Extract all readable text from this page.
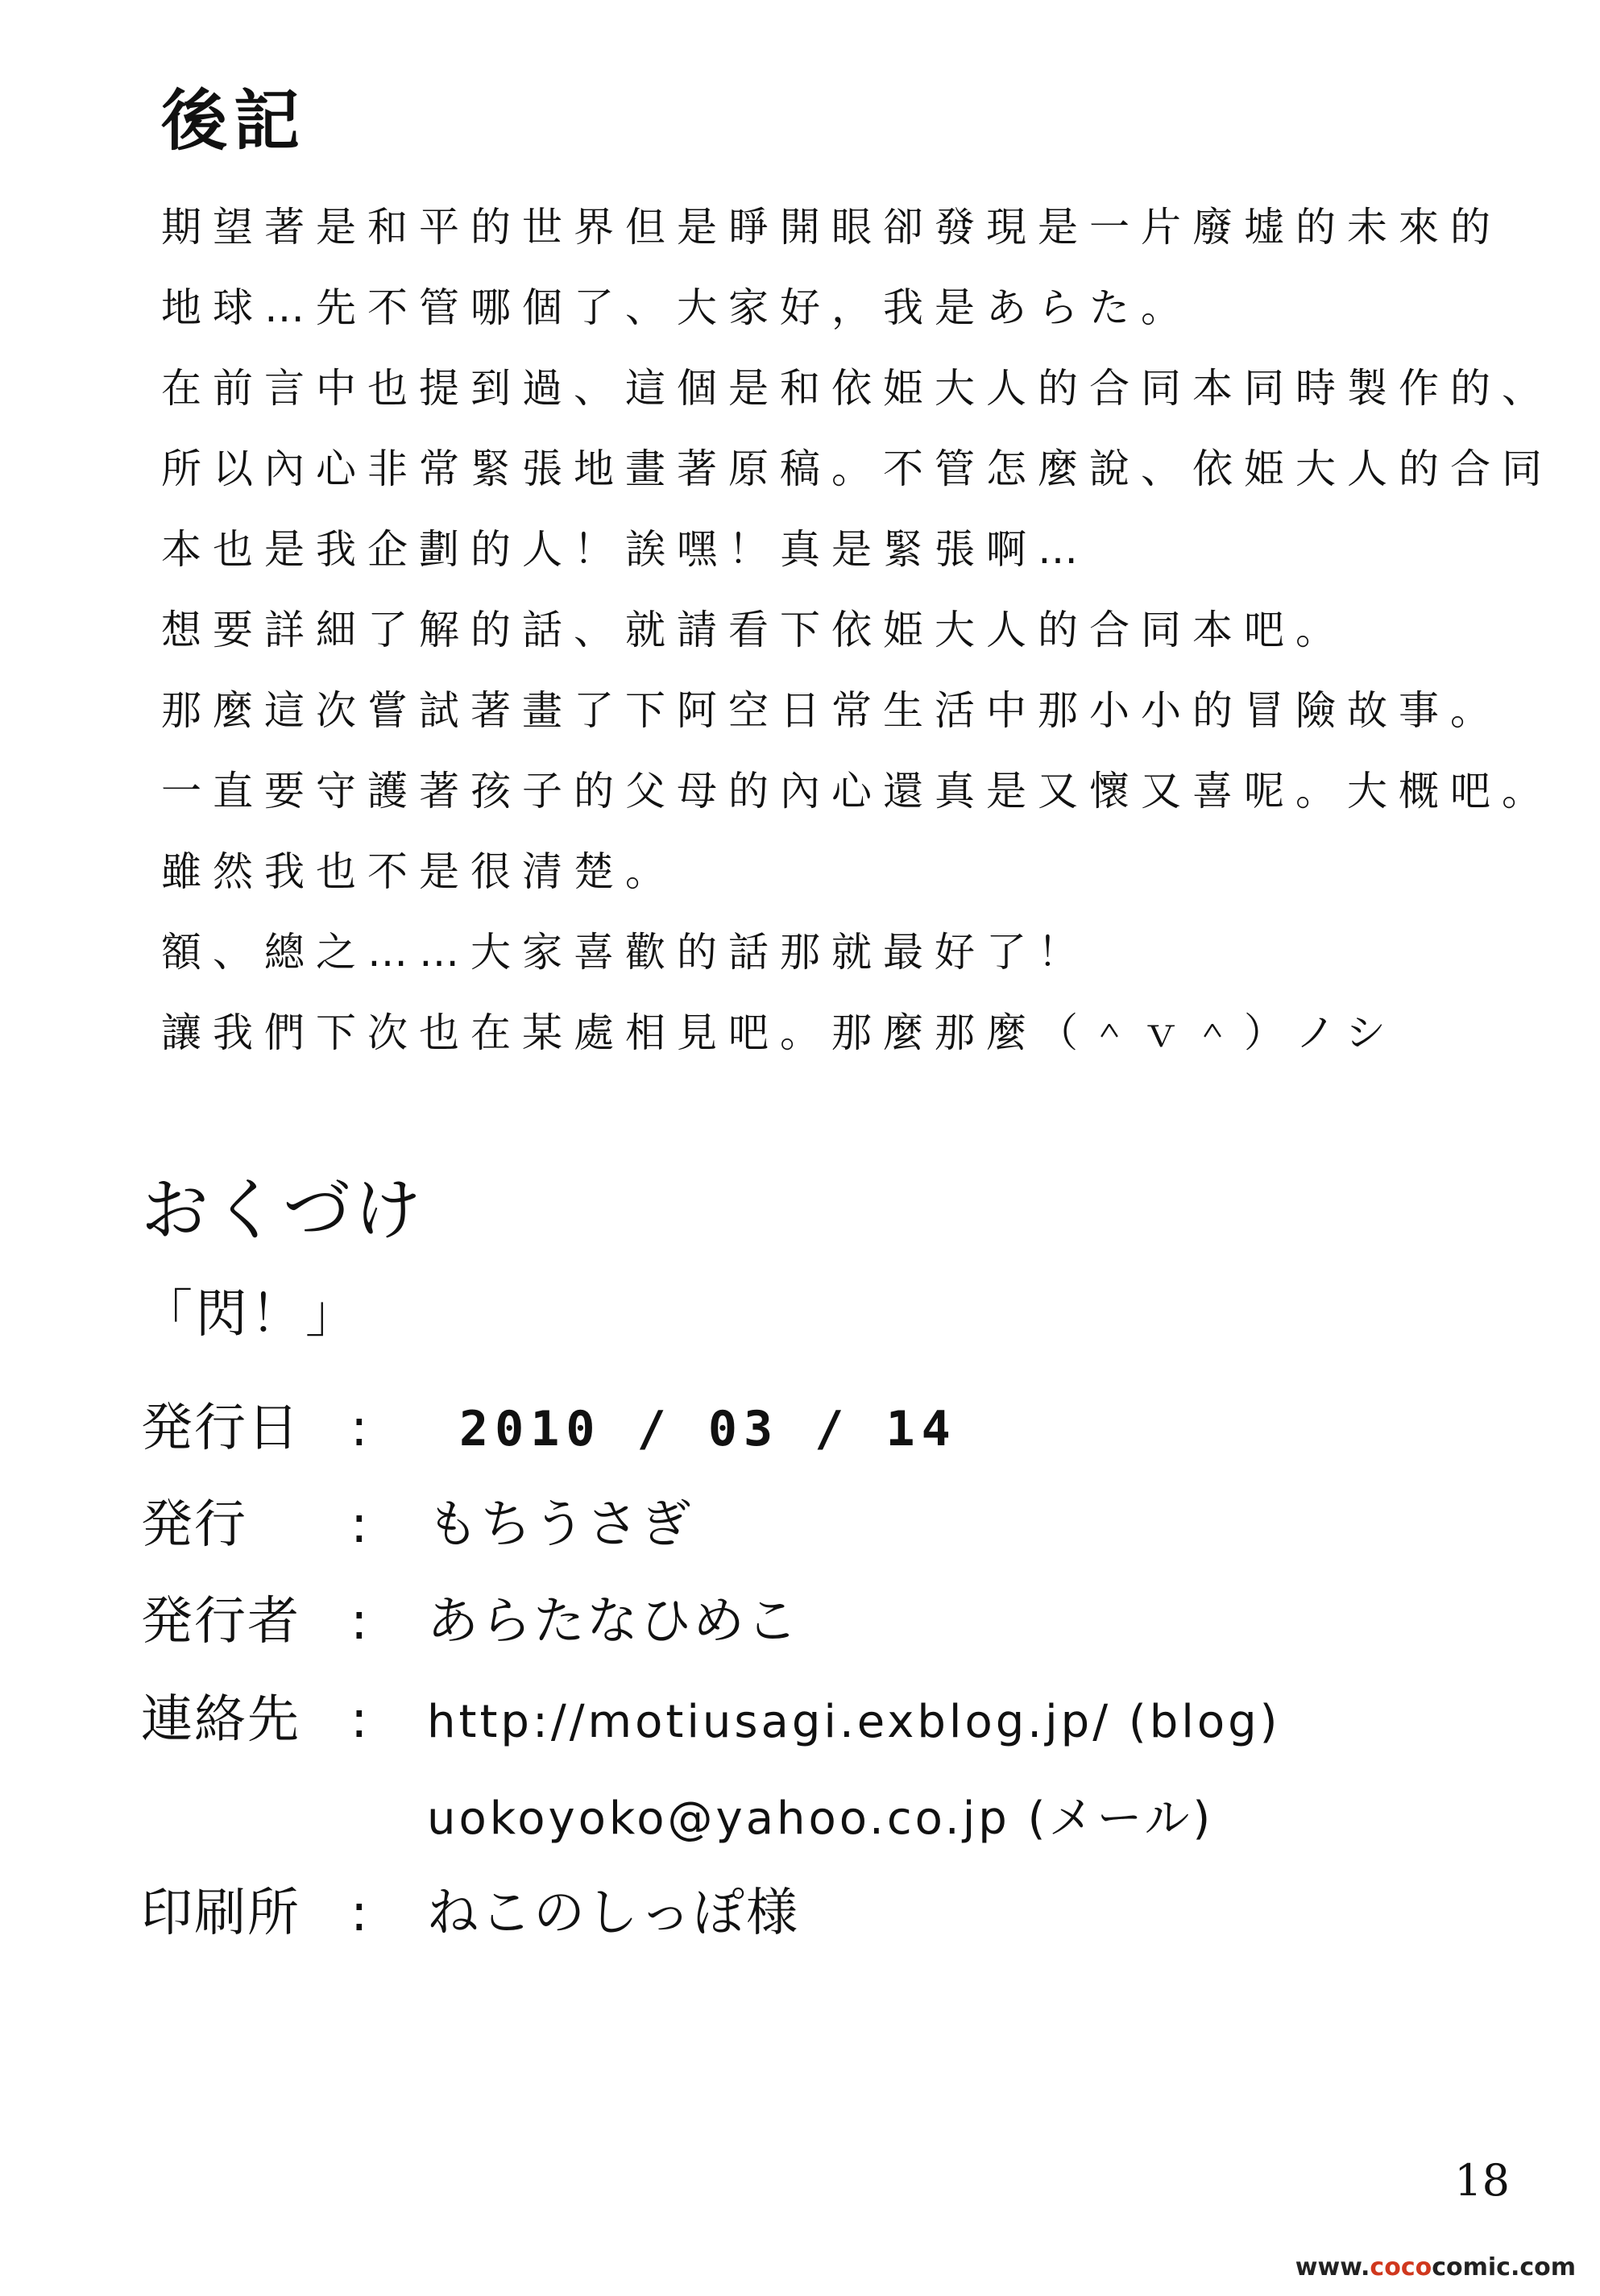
後記
期望著是和平的世界但是睜開眼卻發現是一片廢墟的未來的
地球…先不管哪個了、大家好，我是あらた。
在前言中也提到過、這個是和依姫大人的合同本同時製作的、
所以內心非常緊張地畫著原稿。不管怎麼說、依姫大人的合同
本也是我企劃的人！誒嘿！真是緊張啊…
想要詳細了解的話、就請看下依姫大人的合同本吧。
那麼這次嘗試著畫了下阿空日常生活中那小小的冒險故事。
一直要守護著孩子的父母的內心還真是又懷又喜呢。大概吧。
雖然我也不是很清楚。
額、總之……大家喜歡的話那就最好了！
讓我們下次也在某處相見吧。那麼那麼（＾ｖ＾）ノシ
おくづけ
「閃！」
発行日 : 2010 / 03 / 14
発行 : もちうさぎ
発行者 : あらたなひめこ
連絡先 : http://motiusagi.exblog.jp/ (blog)
uokoyoko@yahoo.co.jp (メール)
印刷所 : ねこのしっぽ様
18
www.cococomic.com
